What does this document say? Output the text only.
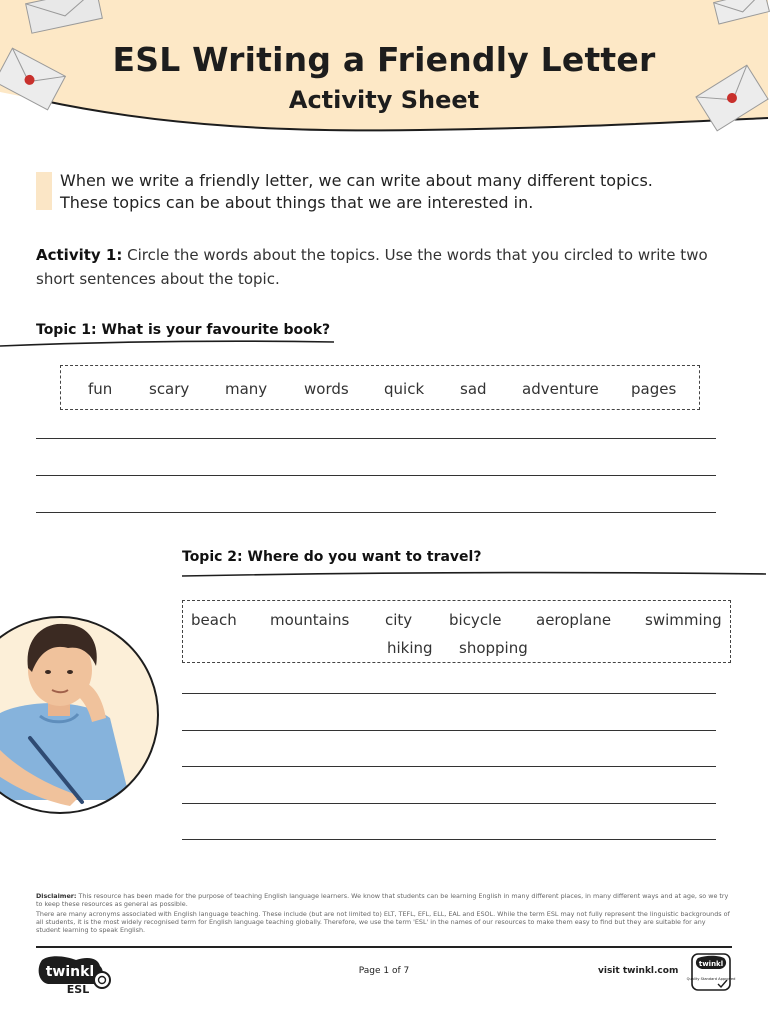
ESL Writing a Friendly Letter
Activity Sheet
When we write a friendly letter, we can write about many different topics.
These topics can be about things that we are interested in.
Activity 1: Circle the words about the topics. Use the words that you circled to write two short sentences about the topic.
Topic 1: What is your favourite book?
fun scary many words quick sad adventure pages
Topic 2: Where do you want to travel?
beach mountains city bicycle aeroplane swimming
hiking shopping

Disclaimer: This resource has been made for the purpose of teaching English language learners. We know that students can be learning English in many different places, in many different ways and at age, so we try to keep these resources as general as possible.

There are many acronyms associated with English language teaching. These include (but are not limited to) ELT, TEFL, EFL, ELL, EAL and ESOL. While the term ESL may not fully represent the linguistic backgrounds of all students, it is the most widely recognised term for English language teaching globally. Therefore, we use the term 'ESL' in the names of our resources to make them easy to find but they are suitable for any student learning to speak English.

twinkl
ESL
Page 1 of 7	visit twinkl.com
twinkl
Quality Standard Approved
